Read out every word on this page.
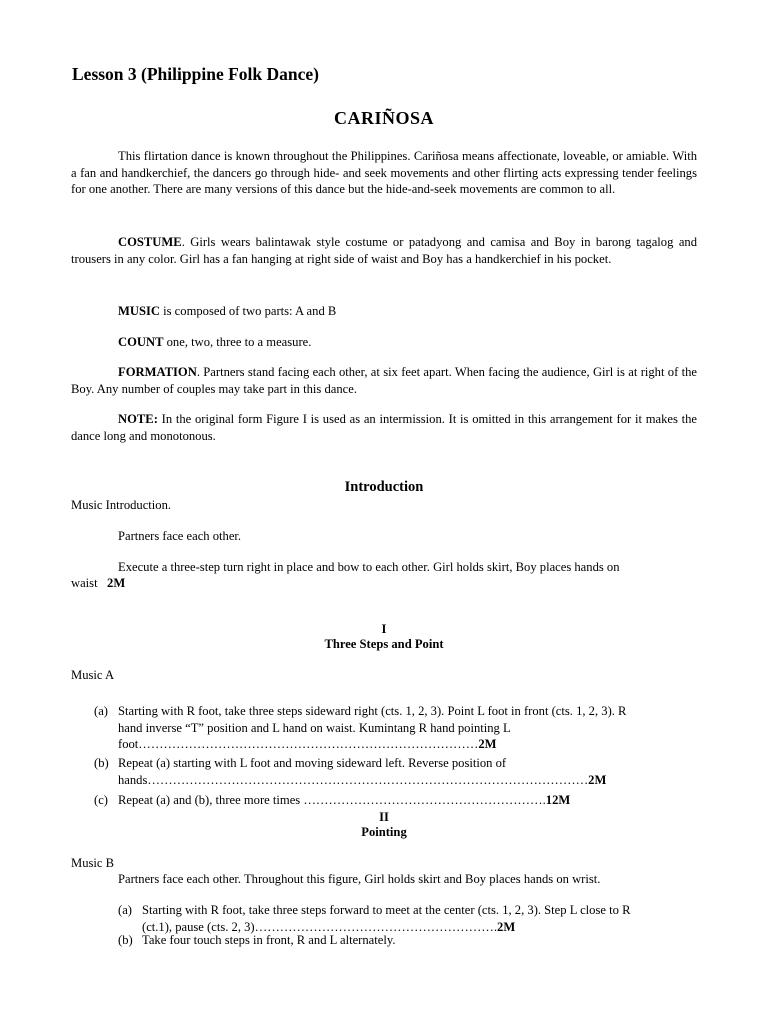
Lesson 3 (Philippine Folk Dance)
CARIÑOSA
This flirtation dance is known throughout the Philippines. Cariñosa means affectionate, loveable, or amiable. With a fan and handkerchief, the dancers go through hide- and seek movements and other flirting acts expressing tender feelings for one another. There are many versions of this dance but the hide-and-seek movements are common to all.
COSTUME. Girls wears balintawak style costume or patadyong and camisa and Boy in barong tagalog and trousers in any color. Girl has a fan hanging at right side of waist and Boy has a handkerchief in his pocket.
MUSIC is composed of two parts: A and B
COUNT one, two, three to a measure.
FORMATION. Partners stand facing each other, at six feet apart. When facing the audience, Girl is at right of the Boy. Any number of couples may take part in this dance.
NOTE: In the original form Figure I is used as an intermission. It is omitted in this arrangement for it makes the dance long and monotonous.
Introduction
Music Introduction.
Partners face each other.
Execute a three-step turn right in place and bow to each other. Girl holds skirt, Boy places hands on
waist 2M
I
Three Steps and Point
Music A
(a) Starting with R foot, take three steps sideward right (cts. 1, 2, 3). Point L foot in front (cts. 1, 2, 3). R
hand inverse “T” position and L hand on waist. Kumintang R hand pointing L
foot………………………………………………………………………2M
(b) Repeat (a) starting with L foot and moving sideward left. Reverse position of
hands……………………………………………………………………………………………2M
(c) Repeat (a) and (b), three more times ………………………………………………….12M
II
Pointing
Music B
Partners face each other. Throughout this figure, Girl holds skirt and Boy places hands on wrist.
(a) Starting with R foot, take three steps forward to meet at the center (cts. 1, 2, 3). Step L close to R
(ct.1), pause (cts. 2, 3)………………………………………………….2M
(b) Take four touch steps in front, R and L alternately.
